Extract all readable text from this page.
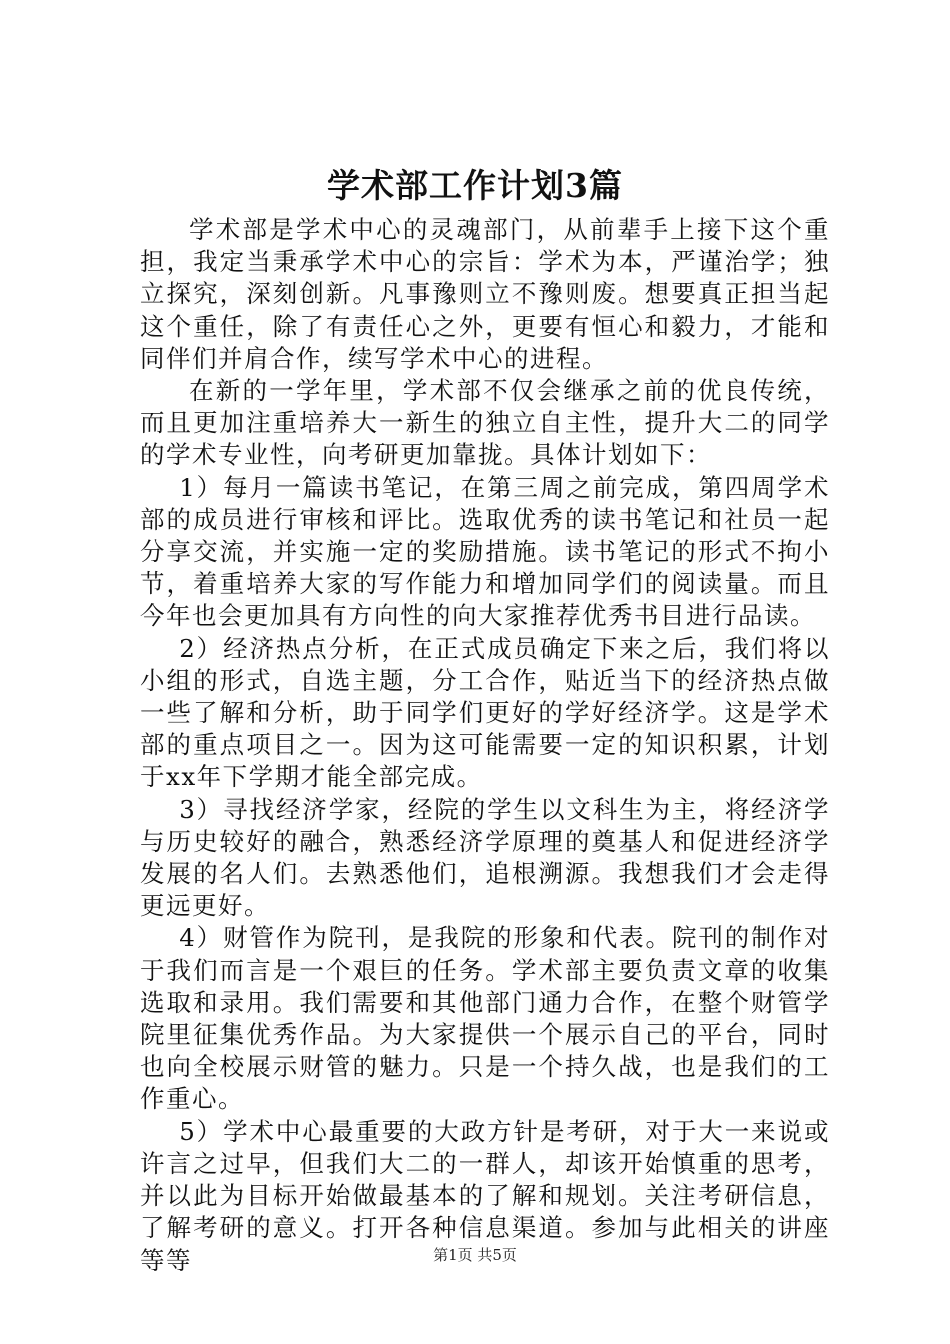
学术部工作计划3篇

学术部是学术中心的灵魂部门，从前辈手上接下这个重担，我定当秉承学术中心的宗旨：学术为本，严谨治学；独立探究，深刻创新。凡事豫则立不豫则废。想要真正担当起这个重任，除了有责任心之外，更要有恒心和毅力，才能和同伴们并肩合作，续写学术中心的进程。

在新的一学年里，学术部不仅会继承之前的优良传统，而且更加注重培养大一新生的独立自主性，提升大二的同学的学术专业性，向考研更加靠拢。具体计划如下：

1）每月一篇读书笔记，在第三周之前完成，第四周学术部的成员进行审核和评比。选取优秀的读书笔记和社员一起分享交流，并实施一定的奖励措施。读书笔记的形式不拘小节，着重培养大家的写作能力和增加同学们的阅读量。而且今年也会更加具有方向性的向大家推荐优秀书目进行品读。

2）经济热点分析，在正式成员确定下来之后，我们将以小组的形式，自选主题，分工合作，贴近当下的经济热点做一些了解和分析，助于同学们更好的学好经济学。这是学术部的重点项目之一。因为这可能需要一定的知识积累，计划于xx年下学期才能全部完成。

3）寻找经济学家，经院的学生以文科生为主，将经济学与历史较好的融合，熟悉经济学原理的奠基人和促进经济学发展的名人们。去熟悉他们，追根溯源。我想我们才会走得更远更好。

4）财管作为院刊，是我院的形象和代表。院刊的制作对于我们而言是一个艰巨的任务。学术部主要负责文章的收集选取和录用。我们需要和其他部门通力合作，在整个财管学院里征集优秀作品。为大家提供一个展示自己的平台，同时也向全校展示财管的魅力。只是一个持久战，也是我们的工作重心。

5）学术中心最重要的大政方针是考研，对于大一来说或许言之过早，但我们大二的一群人，却该开始慎重的思考，并以此为目标开始做最基本的了解和规划。关注考研信息，了解考研的意义。打开各种信息渠道。参加与此相关的讲座等等	第1页 共5页
